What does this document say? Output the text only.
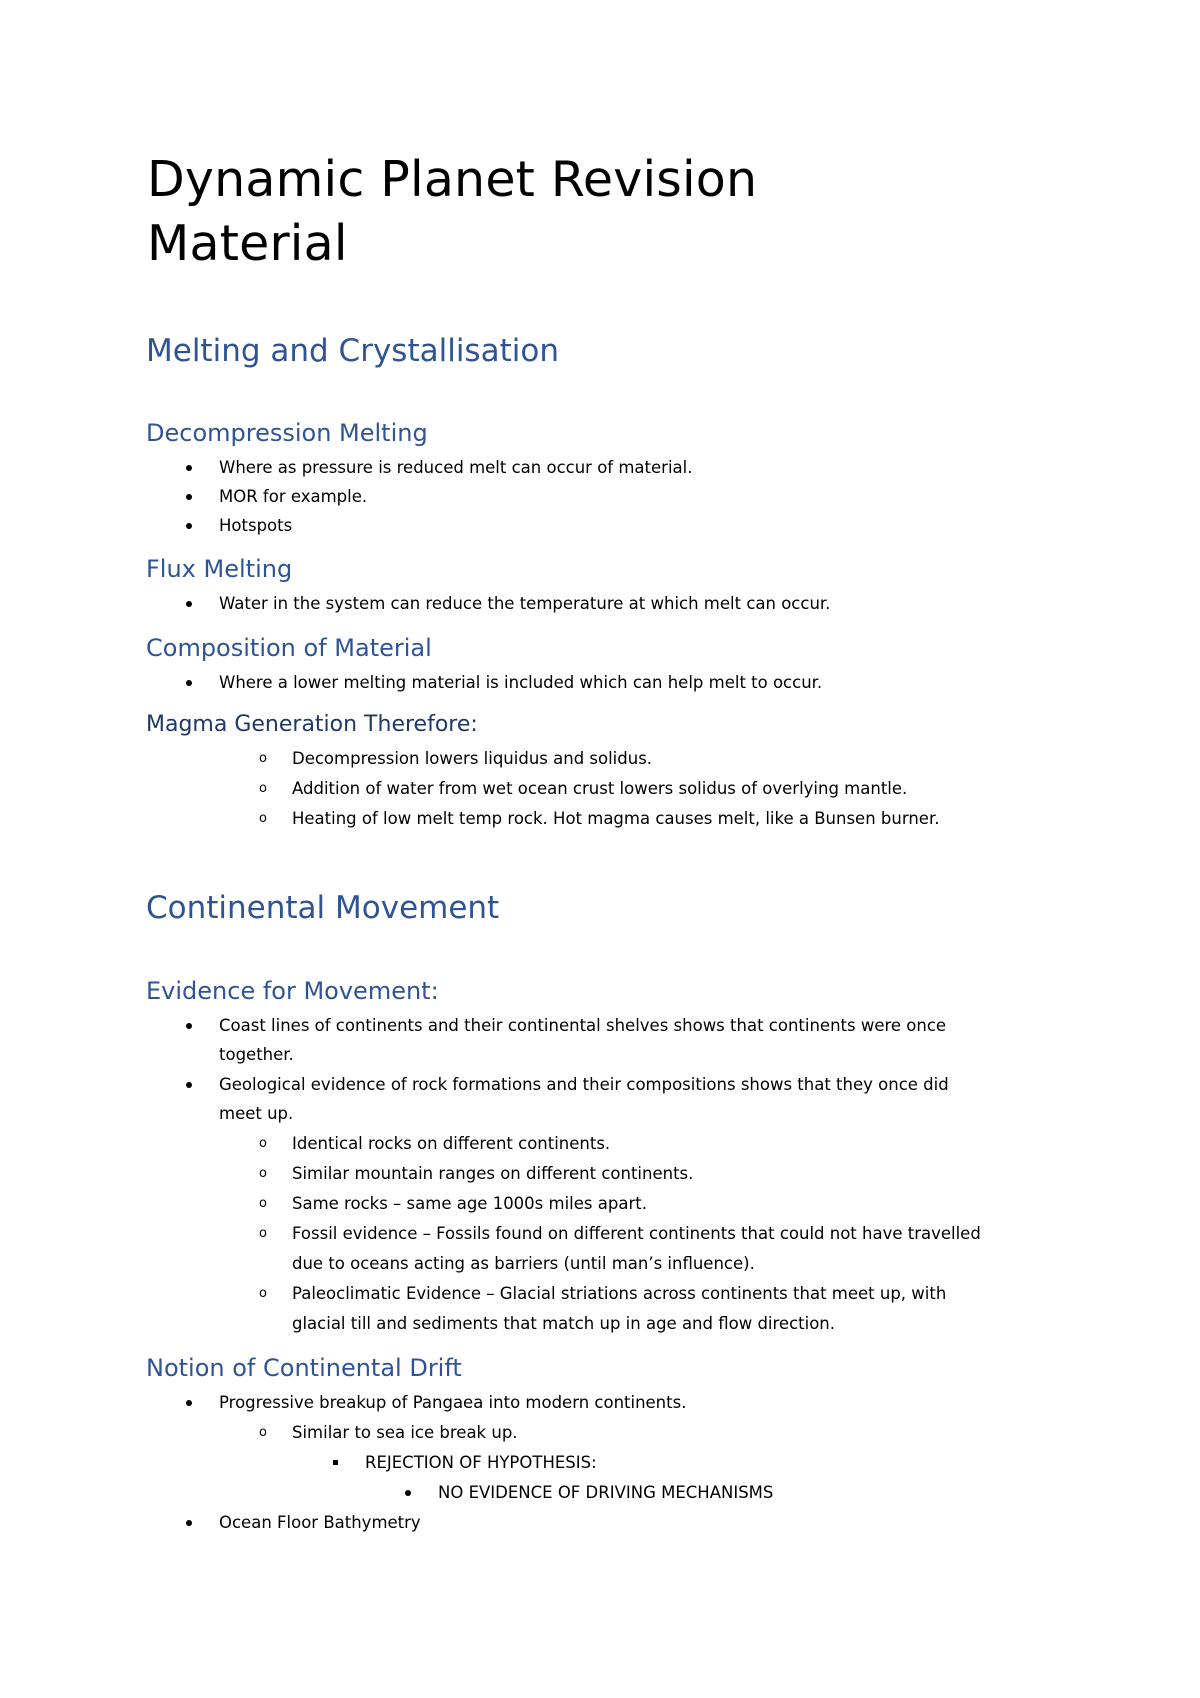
Dynamic Planet Revision
Material
Melting and Crystallisation
Decompression Melting
Where as pressure is reduced melt can occur of material.
MOR for example.
Hotspots
Flux Melting
Water in the system can reduce the temperature at which melt can occur.
Composition of Material
Where a lower melting material is included which can help melt to occur.
Magma Generation Therefore:
o Decompression lowers liquidus and solidus.
o Addition of water from wet ocean crust lowers solidus of overlying mantle.
o Heating of low melt temp rock. Hot magma causes melt, like a Bunsen burner.
Continental Movement
Evidence for Movement:
Coast lines of continents and their continental shelves shows that continents were once
together.
Geological evidence of rock formations and their compositions shows that they once did
meet up.
o Identical rocks on different continents.
o Similar mountain ranges on different continents.
o Same rocks – same age 1000s miles apart.
o Fossil evidence – Fossils found on different continents that could not have travelled
due to oceans acting as barriers (until man’s influence).
o Paleoclimatic Evidence – Glacial striations across continents that meet up, with
glacial till and sediments that match up in age and flow direction.
Notion of Continental Drift
Progressive breakup of Pangaea into modern continents.
o Similar to sea ice break up.
REJECTION OF HYPOTHESIS:
NO EVIDENCE OF DRIVING MECHANISMS
Ocean Floor Bathymetry
